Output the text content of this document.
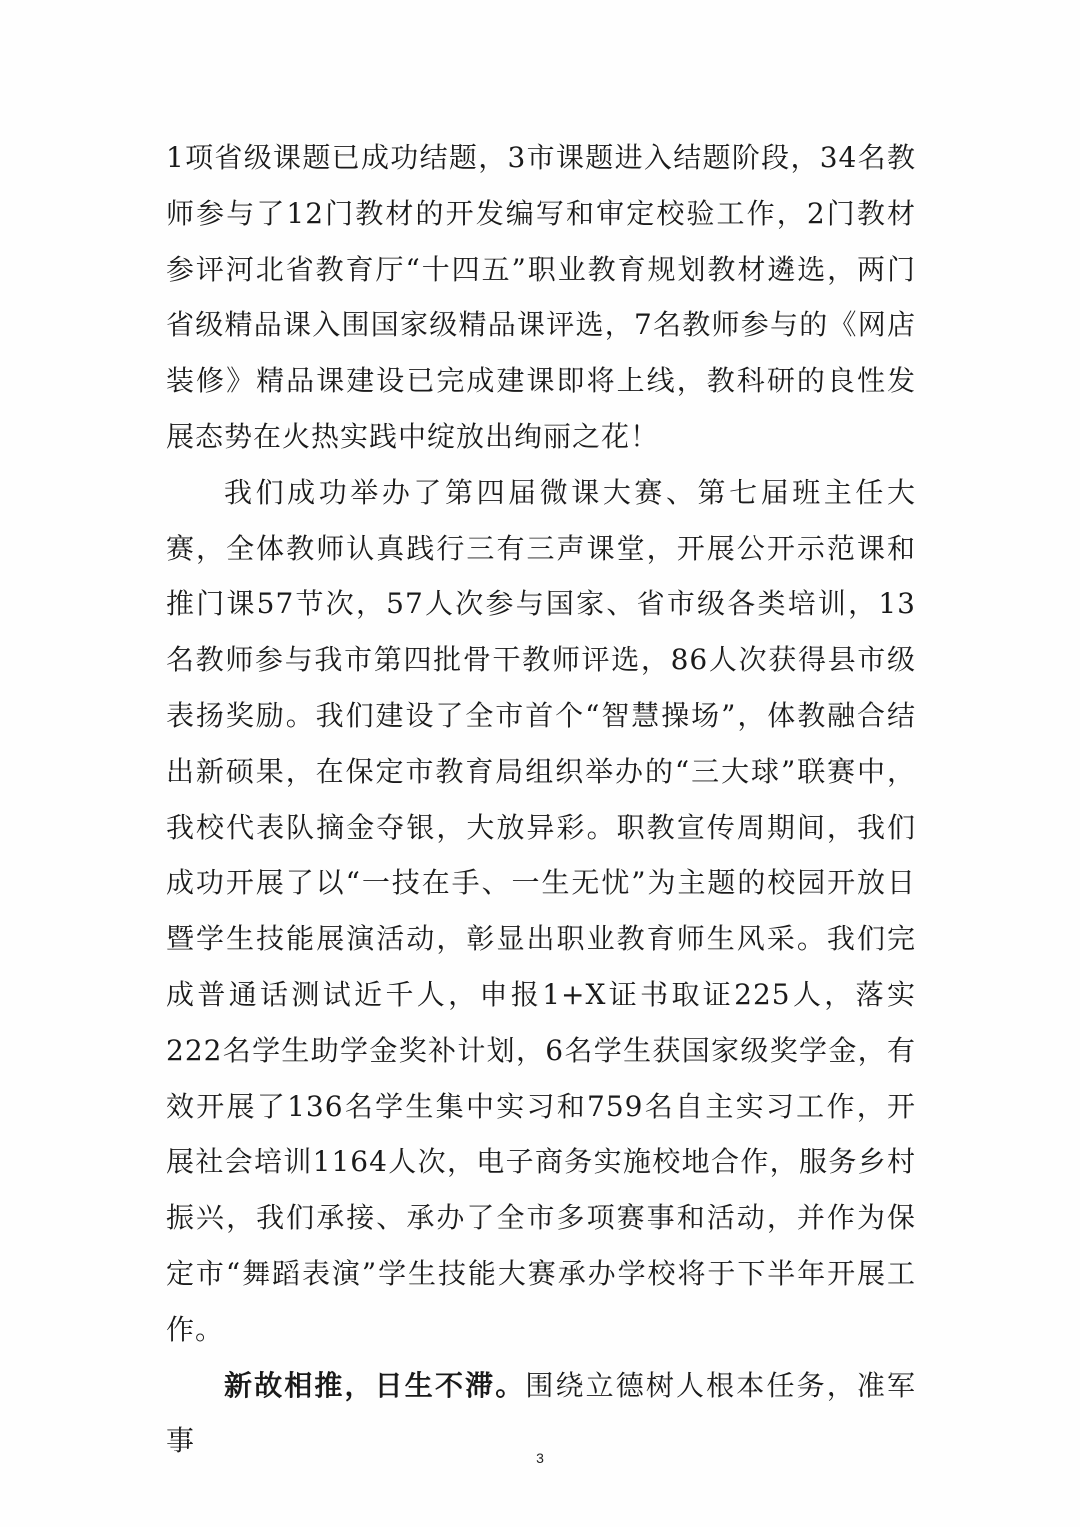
1项省级课题已成功结题，3市课题进入结题阶段，34名教师参与了12门教材的开发编写和审定校验工作，2门教材参评河北省教育厅“十四五”职业教育规划教材遴选，两门省级精品课入围国家级精品课评选，7名教师参与的《网店装修》精品课建设已完成建课即将上线，教科研的良性发展态势在火热实践中绽放出绚丽之花！

我们成功举办了第四届微课大赛、第七届班主任大赛，全体教师认真践行三有三声课堂，开展公开示范课和推门课57节次，57人次参与国家、省市级各类培训，13名教师参与我市第四批骨干教师评选，86人次获得县市级表扬奖励。我们建设了全市首个“智慧操场”，体教融合结出新硕果，在保定市教育局组织举办的“三大球”联赛中，我校代表队摘金夺银，大放异彩。职教宣传周期间，我们成功开展了以“一技在手、一生无忧”为主题的校园开放日暨学生技能展演活动，彰显出职业教育师生风采。我们完成普通话测试近千人，申报1+X证书取证225人，落实222名学生助学金奖补计划，6名学生获国家级奖学金，有效开展了136名学生集中实习和759名自主实习工作，开展社会培训1164人次，电子商务实施校地合作，服务乡村振兴，我们承接、承办了全市多项赛事和活动，并作为保定市“舞蹈表演”学生技能大赛承办学校将于下半年开展工作。

新故相推，日生不滞。围绕立德树人根本任务，准军事

3
